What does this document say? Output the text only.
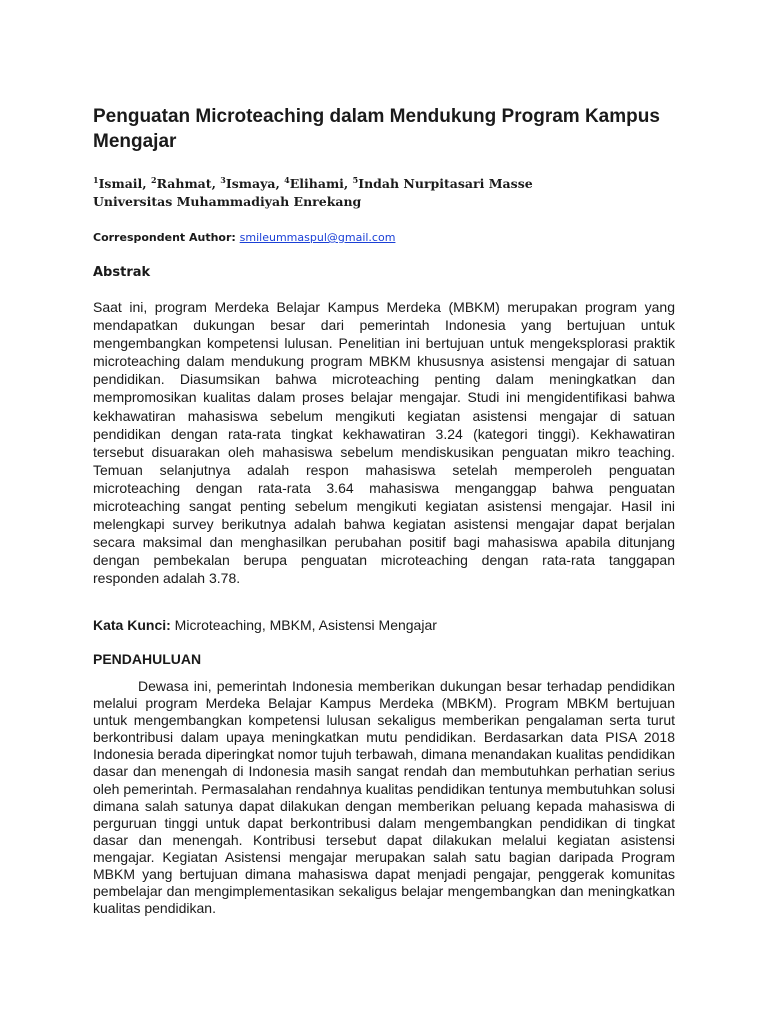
Penguatan Microteaching dalam Mendukung Program Kampus Mengajar
$^1$Ismail, $^2$Rahmat, $^3$Ismaya, $^4$Elihami, $^5$Indah Nurpitasari Masse
Universitas Muhammadiyah Enrekang
Correspondent Author: smileummaspul@gmail.com
Abstrak

Saat ini, program Merdeka Belajar Kampus Merdeka (MBKM) merupakan program yang mendapatkan dukungan besar dari pemerintah Indonesia yang bertujuan untuk mengembangkan kompetensi lulusan. Penelitian ini bertujuan untuk mengeksplorasi praktik microteaching dalam mendukung program MBKM khususnya asistensi mengajar di satuan pendidikan. Diasumsikan bahwa microteaching penting dalam meningkatkan dan mempromosikan kualitas dalam proses belajar mengajar. Studi ini mengidentifikasi bahwa kekhawatiran mahasiswa sebelum mengikuti kegiatan asistensi mengajar di satuan pendidikan dengan rata-rata tingkat kekhawatiran 3.24 (kategori tinggi). Kekhawatiran tersebut disuarakan oleh mahasiswa sebelum mendiskusikan penguatan mikro teaching. Temuan selanjutnya adalah respon mahasiswa setelah memperoleh penguatan microteaching dengan rata-rata 3.64 mahasiswa menganggap bahwa penguatan microteaching sangat penting sebelum mengikuti kegiatan asistensi mengajar. Hasil ini melengkapi survey berikutnya adalah bahwa kegiatan asistensi mengajar dapat berjalan secara maksimal dan menghasilkan perubahan positif bagi mahasiswa apabila ditunjang dengan pembekalan berupa penguatan microteaching dengan rata-rata tanggapan responden adalah 3.78.

Kata Kunci: Microteaching, MBKM, Asistensi Mengajar
PENDAHULUAN

Dewasa ini, pemerintah Indonesia memberikan dukungan besar terhadap pendidikan melalui program Merdeka Belajar Kampus Merdeka (MBKM). Program MBKM bertujuan untuk mengembangkan kompetensi lulusan sekaligus memberikan pengalaman serta turut berkontribusi dalam upaya meningkatkan mutu pendidikan. Berdasarkan data PISA 2018 Indonesia berada diperingkat nomor tujuh terbawah, dimana menandakan kualitas pendidikan dasar dan menengah di Indonesia masih sangat rendah dan membutuhkan perhatian serius oleh pemerintah. Permasalahan rendahnya kualitas pendidikan tentunya membutuhkan solusi dimana salah satunya dapat dilakukan dengan memberikan peluang kepada mahasiswa di perguruan tinggi untuk dapat berkontribusi dalam mengembangkan pendidikan di tingkat dasar dan menengah. Kontribusi tersebut dapat dilakukan melalui kegiatan asistensi mengajar. Kegiatan Asistensi mengajar merupakan salah satu bagian daripada Program MBKM yang bertujuan dimana mahasiswa dapat menjadi pengajar, penggerak komunitas pembelajar dan mengimplementasikan sekaligus belajar mengembangkan dan meningkatkan kualitas pendidikan.
